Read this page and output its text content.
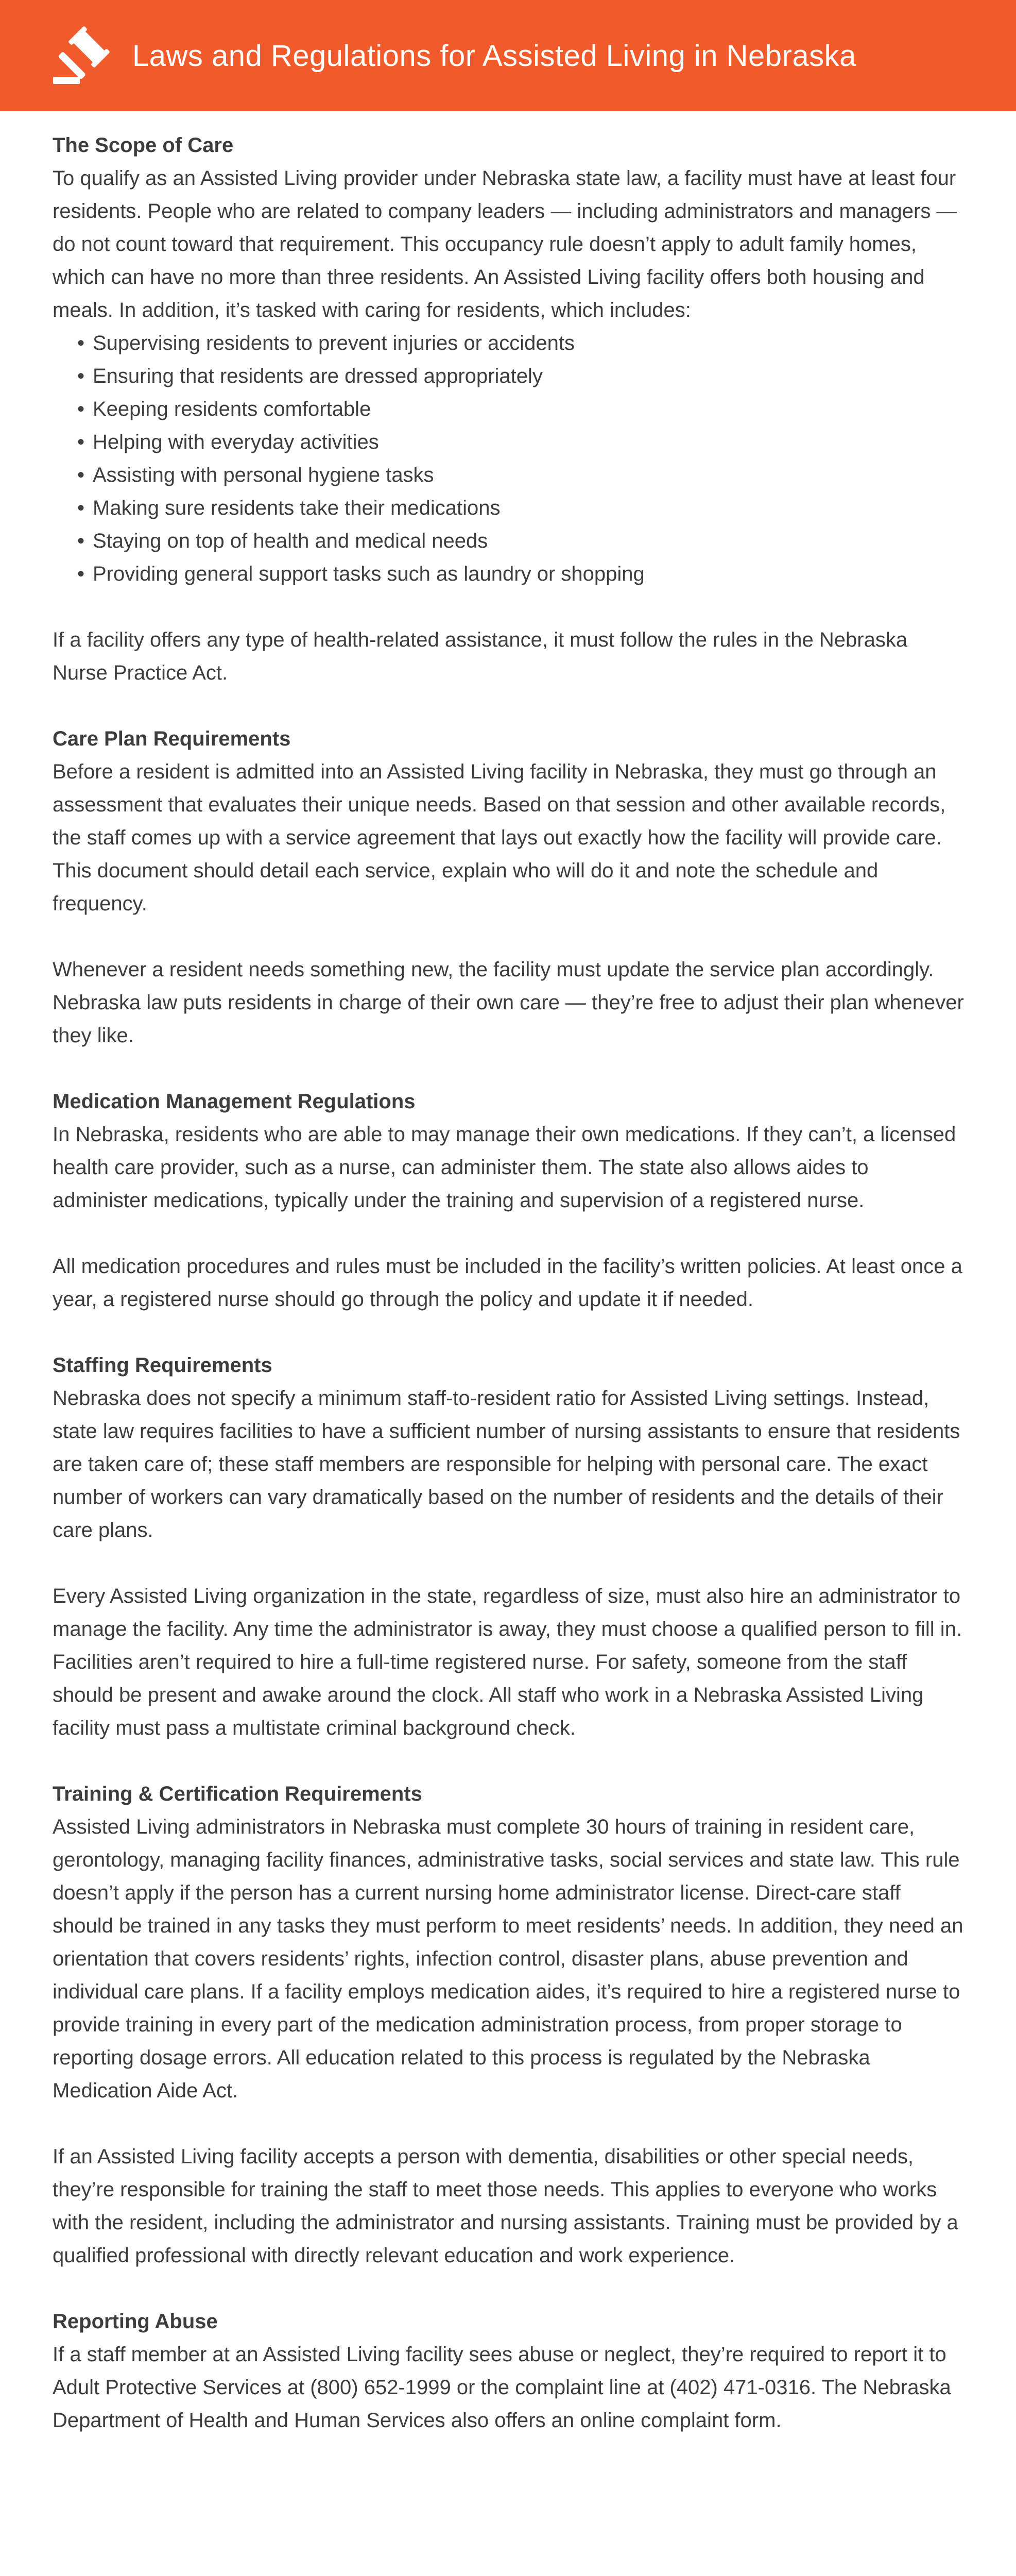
Laws and Regulations for Assisted Living in Nebraska
The Scope of Care

To qualify as an Assisted Living provider under Nebraska state law, a facility must have at least four residents. People who are related to company leaders — including administrators and managers — do not count toward that requirement. This occupancy rule doesn’t apply to adult family homes, which can have no more than three residents. An Assisted Living facility offers both housing and meals. In addition, it’s tasked with caring for residents, which includes:

• Supervising residents to prevent injuries or accidents
• Ensuring that residents are dressed appropriately
• Keeping residents comfortable
• Helping with everyday activities
• Assisting with personal hygiene tasks
• Making sure residents take their medications
• Staying on top of health and medical needs
• Providing general support tasks such as laundry or shopping

If a facility offers any type of health-related assistance, it must follow the rules in the Nebraska Nurse Practice Act.

Care Plan Requirements

Before a resident is admitted into an Assisted Living facility in Nebraska, they must go through an assessment that evaluates their unique needs. Based on that session and other available records, the staff comes up with a service agreement that lays out exactly how the facility will provide care. This document should detail each service, explain who will do it and note the schedule and frequency.

Whenever a resident needs something new, the facility must update the service plan accordingly. Nebraska law puts residents in charge of their own care — they’re free to adjust their plan whenever they like.

Medication Management Regulations

In Nebraska, residents who are able to may manage their own medications. If they can’t, a licensed health care provider, such as a nurse, can administer them. The state also allows aides to administer medications, typically under the training and supervision of a registered nurse.

All medication procedures and rules must be included in the facility’s written policies. At least once a year, a registered nurse should go through the policy and update it if needed.

Staffing Requirements

Nebraska does not specify a minimum staff-to-resident ratio for Assisted Living settings. Instead, state law requires facilities to have a sufficient number of nursing assistants to ensure that residents are taken care of; these staff members are responsible for helping with personal care. The exact number of workers can vary dramatically based on the number of residents and the details of their care plans.

Every Assisted Living organization in the state, regardless of size, must also hire an administrator to manage the facility. Any time the administrator is away, they must choose a qualified person to fill in. Facilities aren’t required to hire a full-time registered nurse. For safety, someone from the staff should be present and awake around the clock. All staff who work in a Nebraska Assisted Living facility must pass a multistate criminal background check.

Training & Certification Requirements

Assisted Living administrators in Nebraska must complete 30 hours of training in resident care, gerontology, managing facility finances, administrative tasks, social services and state law. This rule doesn’t apply if the person has a current nursing home administrator license. Direct-care staff should be trained in any tasks they must perform to meet residents’ needs. In addition, they need an orientation that covers residents’ rights, infection control, disaster plans, abuse prevention and individual care plans. If a facility employs medication aides, it’s required to hire a registered nurse to provide training in every part of the medication administration process, from proper storage to reporting dosage errors. All education related to this process is regulated by the Nebraska Medication Aide Act.

If an Assisted Living facility accepts a person with dementia, disabilities or other special needs, they’re responsible for training the staff to meet those needs. This applies to everyone who works with the resident, including the administrator and nursing assistants. Training must be provided by a qualified professional with directly relevant education and work experience.

Reporting Abuse

If a staff member at an Assisted Living facility sees abuse or neglect, they’re required to report it to Adult Protective Services at (800) 652-1999 or the complaint line at (402) 471-0316. The Nebraska Department of Health and Human Services also offers an online complaint form.
